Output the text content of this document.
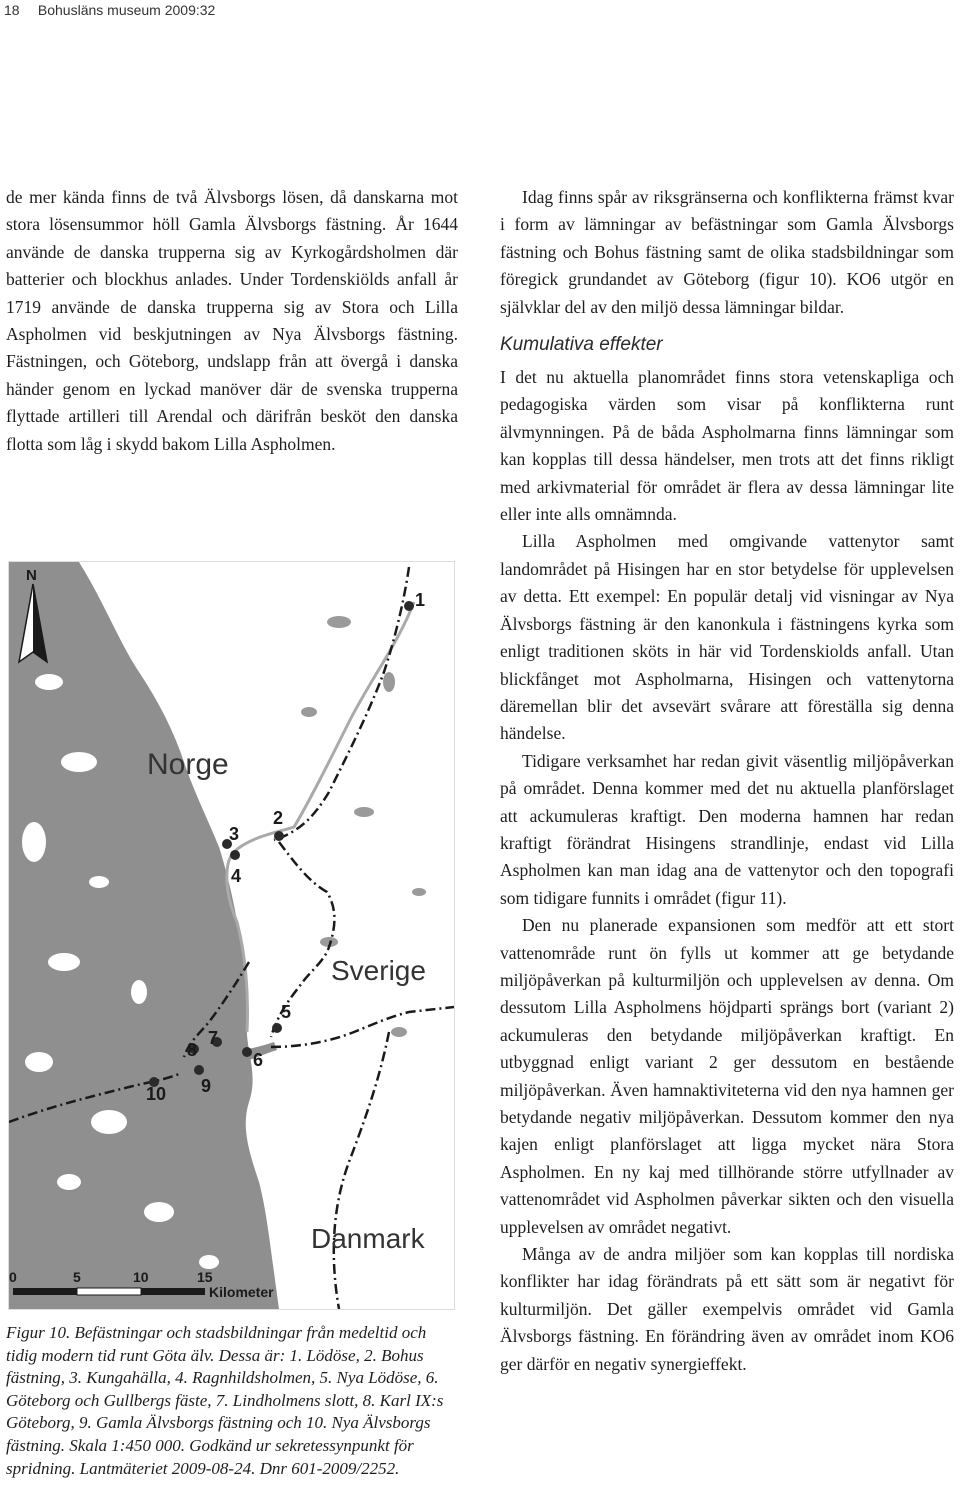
18 Bohusläns museum 2009:32

de mer kända finns de två Älvsborgs lösen, då danskarna mot stora lösensummor höll Gamla Älvsborgs fästning. År 1644 använde de danska trupperna sig av Kyrkogårdsholmen där batterier och blockhus anlades. Under Tordenskiölds anfall år 1719 använde de danska trupperna sig av Stora och Lilla Aspholmen vid beskjutningen av Nya Älvsborgs fästning. Fästningen, och Göteborg, undslapp från att övergå i danska händer genom en lyckad manöver där de svenska trupperna flyttade artilleri till Arendal och därifrån besköt den danska flotta som låg i skydd bakom Lilla Aspholmen.

N
Norge
Sverige
Danmark
1
2
3
4
5
6
7
8
9
10
0	5	10	15
Kilometer
Figur 10. Befästningar och stadsbildningar från medeltid och tidig modern tid runt Göta älv. Dessa är: 1. Lödöse, 2. Bohus fästning, 3. Kungahälla, 4. Ragnhildsholmen, 5. Nya Lödöse, 6. Göteborg och Gullbergs fäste, 7. Lindholmens slott, 8. Karl IX:s Göteborg, 9. Gamla Älvsborgs fästning och 10. Nya Älvsborgs fästning. Skala 1:450 000. Godkänd ur sekretessynpunkt för spridning. Lantmäteriet 2009-08-24. Dnr 601-2009/2252.

Idag finns spår av riksgränserna och konflikterna främst kvar i form av lämningar av befästningar som Gamla Älvsborgs fästning och Bohus fästning samt de olika stadsbildningar som föregick grundandet av Göteborg (figur 10). KO6 utgör en självklar del av den miljö dessa lämningar bildar.

Kumulativa effekter

I det nu aktuella planområdet finns stora vetenskapliga och pedagogiska värden som visar på konflikterna runt älvmynningen. På de båda Aspholmarna finns lämningar som kan kopplas till dessa händelser, men trots att det finns rikligt med arkivmaterial för området är flera av dessa lämningar lite eller inte alls omnämnda.

Lilla Aspholmen med omgivande vattenytor samt landområdet på Hisingen har en stor betydelse för upplevelsen av detta. Ett exempel: En populär detalj vid visningar av Nya Älvsborgs fästning är den kanonkula i fästningens kyrka som enligt traditionen sköts in här vid Tordenskiolds anfall. Utan blickfånget mot Aspholmarna, Hisingen och vattenytorna däremellan blir det avsevärt svårare att föreställa sig denna händelse.

Tidigare verksamhet har redan givit väsentlig miljöpåverkan på området. Denna kommer med det nu aktuella planförslaget att ackumuleras kraftigt. Den moderna hamnen har redan kraftigt förändrat Hisingens strandlinje, endast vid Lilla Aspholmen kan man idag ana de vattenytor och den topografi som tidigare funnits i området (figur 11).

Den nu planerade expansionen som medför att ett stort vattenområde runt ön fylls ut kommer att ge betydande miljöpåverkan på kulturmiljön och upplevelsen av denna. Om dessutom Lilla Aspholmens höjdparti sprängs bort (variant 2) ackumuleras den betydande miljöpåverkan kraftigt. En utbyggnad enligt variant 2 ger dessutom en bestående miljöpåverkan. Även hamnaktiviteterna vid den nya hamnen ger betydande negativ miljöpåverkan. Dessutom kommer den nya kajen enligt planförslaget att ligga mycket nära Stora Aspholmen. En ny kaj med tillhörande större utfyllnader av vattenområdet vid Aspholmen påverkar sikten och den visuella upplevelsen av området negativt.

Många av de andra miljöer som kan kopplas till nordiska konflikter har idag förändrats på ett sätt som är negativt för kulturmiljön. Det gäller exempelvis området vid Gamla Älvsborgs fästning. En förändring även av området inom KO6 ger därför en negativ synergieffekt.
